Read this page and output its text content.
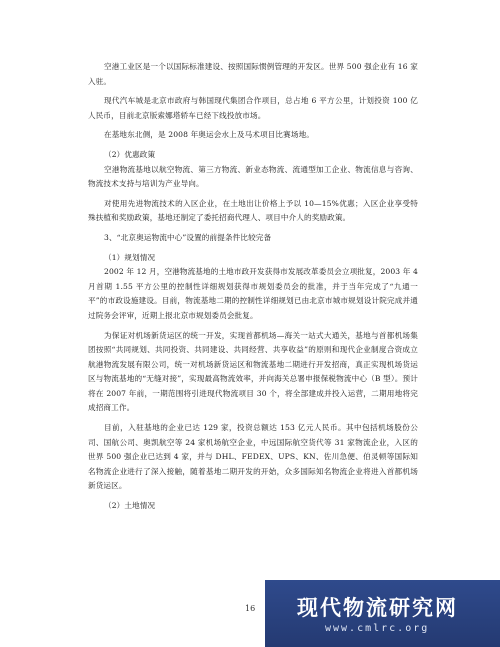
空港工业区是一个以国际标准建设、按照国际惯例管理的开发区。世界 500 强企业有 16 家入驻。

现代汽车城是北京市政府与韩国现代集团合作项目，总占地 6 平方公里，计划投资 100 亿人民币，目前北京版索娜塔轿车已经下线投放市场。

在基地东北侧，是 2008 年奥运会水上及马术项目比赛场地。

（2）优惠政策

空港物流基地以航空物流、第三方物流、新业态物流、流通型加工企业、物流信息与咨询、物流技术支持与培训为产业导向。

对使用先进物流技术的入区企业，在土地出让价格上予以 10—15%优惠；入区企业享受特殊扶植和奖励政策，基地还制定了委托招商代理人、项目中介人的奖励政策。

3、“北京奥运物流中心”设置的前提条件比较完备

（1）规划情况

2002 年 12 月，空港物流基地的土地市政开发获得市发展改革委员会立项批复，2003 年 4 月首期 1.55 平方公里的控制性详细规划获得市规划委员会的批准，并于当年完成了“九通一平”的市政设施建设。目前，物流基地二期的控制性详细规划已由北京市城市规划设计院完成并通过院务会评审，近期上报北京市规划委员会批复。

为保证对机场新货运区的统一开发，实现首都机场—海关一站式大通关，基地与首都机场集团按照“共同规划、共同投资、共同建设、共同经营、共享收益”的原则和现代企业制度合资成立航港物流发展有限公司，统一对机场新货运区和物流基地二期进行开发招商，真正实现机场货运区与物流基地的“无缝对接”，实现最高物流效率，并向海关总署申报保税物流中心（B 型）。预计将在 2007 年前，一期范围将引进现代物流项目 30 个，将全部建成并投入运营，二期用地将完成招商工作。

目前，入驻基地的企业已达 129 家，投资总额达 153 亿元人民币。其中包括机场股份公司、国航公司、奥凯航空等 24 家机场航空企业，中远国际航空货代等 31 家物流企业，入区的世界 500 强企业已达到 4 家，并与 DHL、FEDEX、UPS、KN、佐川急便、伯灵顿等国际知名物流企业进行了深入接触，随着基地二期开发的开始，众多国际知名物流企业将进入首都机场新货运区。

（2）土地情况

16 现代物流研究网
www.cmlrc.org
